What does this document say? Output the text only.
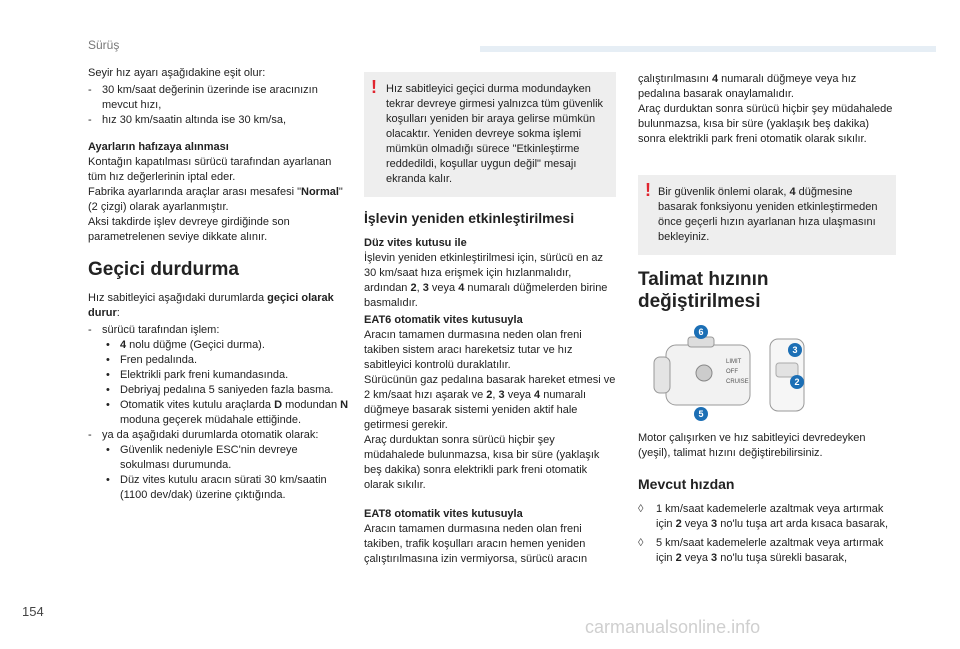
Sürüş

Seyir hız ayarı aşağıdakine eşit olur:

- 30 km/saat değerinin üzerinde ise aracınızın mevcut hızı,
- hız 30 km/saatin altında ise 30 km/sa,
Ayarların hafızaya alınması
Kontağın kapatılması sürücü tarafından ayarlanan tüm hız değerlerinin iptal eder.
Fabrika ayarlarında araçlar arası mesafesi "Normal" (2 çizgi) olarak ayarlanmıştır.
Aksi takdirde işlev devreye girdiğinde son parametrelenen seviye dikkate alınır.
Geçici durdurma
Hız sabitleyici aşağıdaki durumlarda geçici olarak durur:
- sürücü tarafından işlem:
• 4 nolu düğme (Geçici durma).
• Fren pedalında.
• Elektrikli park freni kumandasında.
• Debriyaj pedalına 5 saniyeden fazla basma.
• Otomatik vites kutulu araçlarda D modundan N moduna geçerek müdahale ettiğinde.
- ya da aşağıdaki durumlarda otomatik olarak:
• Güvenlik nedeniyle ESC'nin devreye sokulması durumunda.
• Düz vites kutulu aracın sürati 30 km/saatin (1100 dev/dak) üzerine çıktığında.
! Hız sabitleyici geçici durma modundayken tekrar devreye girmesi yalnızca tüm güvenlik koşulları yeniden bir araya gelirse mümkün olacaktır. Yeniden devreye sokma işlemi mümkün olmadığı sürece "Etkinleştirme reddedildi, koşullar uygun değil" mesajı ekranda kalır.
İşlevin yeniden etkinleştirilmesi
Düz vites kutusu ile
İşlevin yeniden etkinleştirilmesi için, sürücü en az 30 km/saat hıza erişmek için hızlanmalıdır, ardından 2, 3 veya 4 numaralı düğmelerden birine basmalıdır.
EAT6 otomatik vites kutusuyla
Aracın tamamen durmasına neden olan freni takiben sistem aracı hareketsiz tutar ve hız sabitleyici kontrolü duraklatılır.
Sürücünün gaz pedalına basarak hareket etmesi ve 2 km/saat hızı aşarak ve 2, 3 veya 4 numaralı düğmeye basarak sistemi yeniden aktif hale getirmesi gerekir.
Araç durduktan sonra sürücü hiçbir şey müdahalede bulunmazsa, kısa bir süre (yaklaşık beş dakika) sonra elektrikli park freni otomatik olarak sıkılır.
EAT8 otomatik vites kutusuyla
Aracın tamamen durmasına neden olan freni takiben, trafik koşulları aracın hemen yeniden çalıştırılmasına izin vermiyorsa, sürücü aracın
çalıştırılmasını 4 numaralı düğmeye veya hız pedalına basarak onaylamalıdır.
Araç durduktan sonra sürücü hiçbir şey müdahalede bulunmazsa, kısa bir süre (yaklaşık beş dakika) sonra elektrikli park freni otomatik olarak sıkılır.
! Bir güvenlik önlemi olarak, 4 düğmesine basarak fonksiyonu yeniden etkinleştirmeden önce geçerli hızın ayarlanan hıza ulaşmasını bekleyiniz.
Talimat hızının
değiştirilmesi
LIMIT
OFF
CRUISE
6
3
2
5
Motor çalışırken ve hız sabitleyici devredeyken (yeşil), talimat hızını değiştirebilirsiniz.
Mevcut hızdan
◊ 1 km/saat kademelerle azaltmak veya artırmak için 2 veya 3 no'lu tuşa art arda kısaca basarak,
◊ 5 km/saat kademelerle azaltmak veya artırmak için 2 veya 3 no'lu tuşa sürekli basarak,
154
carmanualsonline.info
